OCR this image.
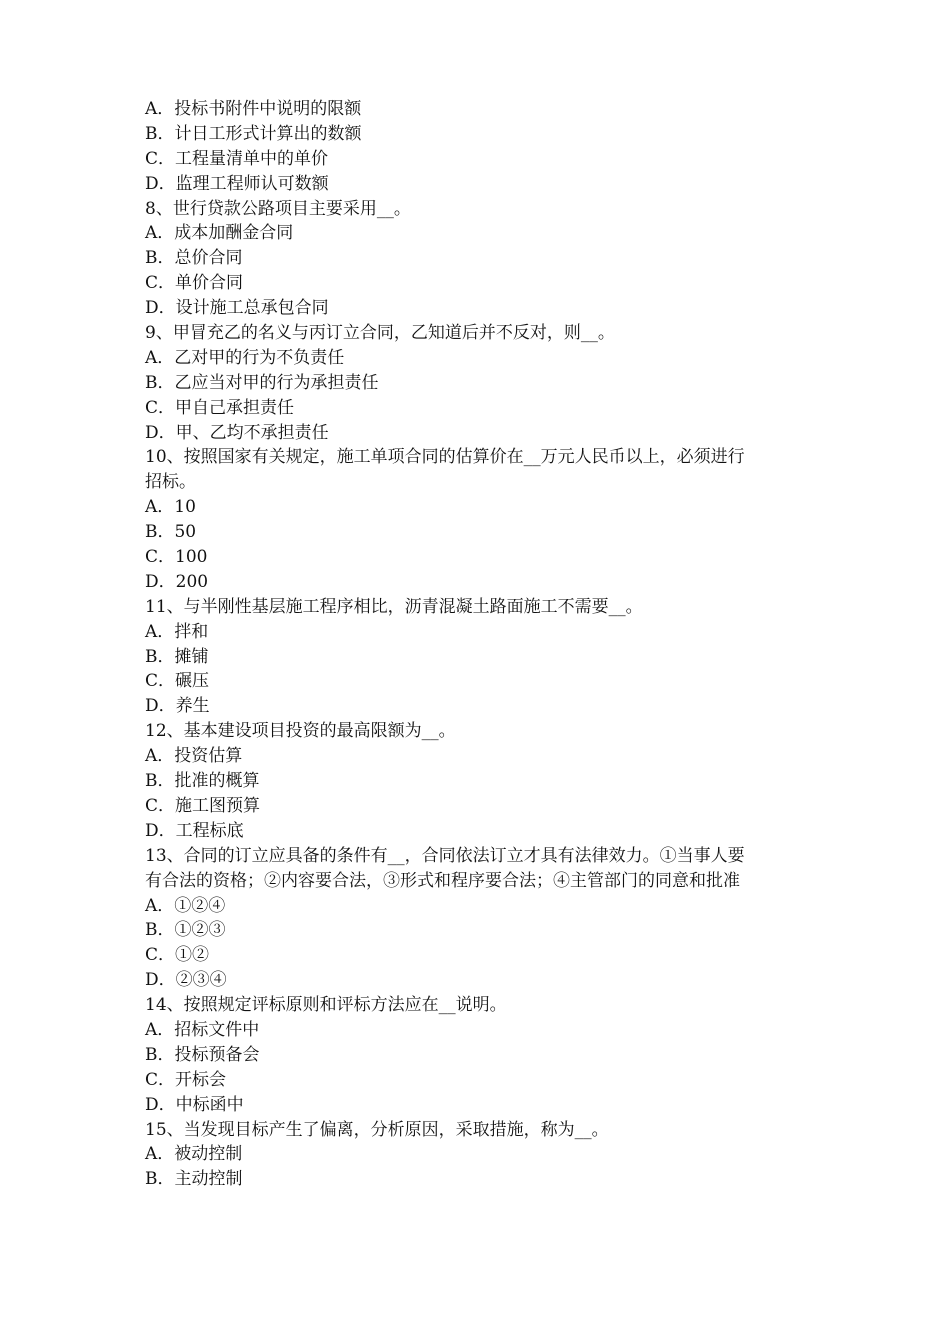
A．投标书附件中说明的限额
B．计日工形式计算出的数额
C．工程量清单中的单价
D．监理工程师认可数额
8、世行贷款公路项目主要采用__。
A．成本加酬金合同
B．总价合同
C．单价合同
D．设计施工总承包合同
9、甲冒充乙的名义与丙订立合同，乙知道后并不反对，则__。
A．乙对甲的行为不负责任
B．乙应当对甲的行为承担责任
C．甲自己承担责任
D．甲、乙均不承担责任
10、按照国家有关规定，施工单项合同的估算价在__万元人民币以上，必须进行
招标。
A．10
B．50
C．100
D．200
11、与半刚性基层施工程序相比，沥青混凝土路面施工不需要__。
A．拌和
B．摊铺
C．碾压
D．养生
12、基本建设项目投资的最高限额为__。
A．投资估算
B．批准的概算
C．施工图预算
D．工程标底
13、合同的订立应具备的条件有__，合同依法订立才具有法律效力。①当事人要
有合法的资格；②内容要合法，③形式和程序要合法；④主管部门的同意和批准
A．①②④
B．①②③
C．①②
D．②③④
14、按照规定评标原则和评标方法应在__说明。
A．招标文件中
B．投标预备会
C．开标会
D．中标函中
15、当发现目标产生了偏离，分析原因，采取措施，称为__。
A．被动控制
B．主动控制
